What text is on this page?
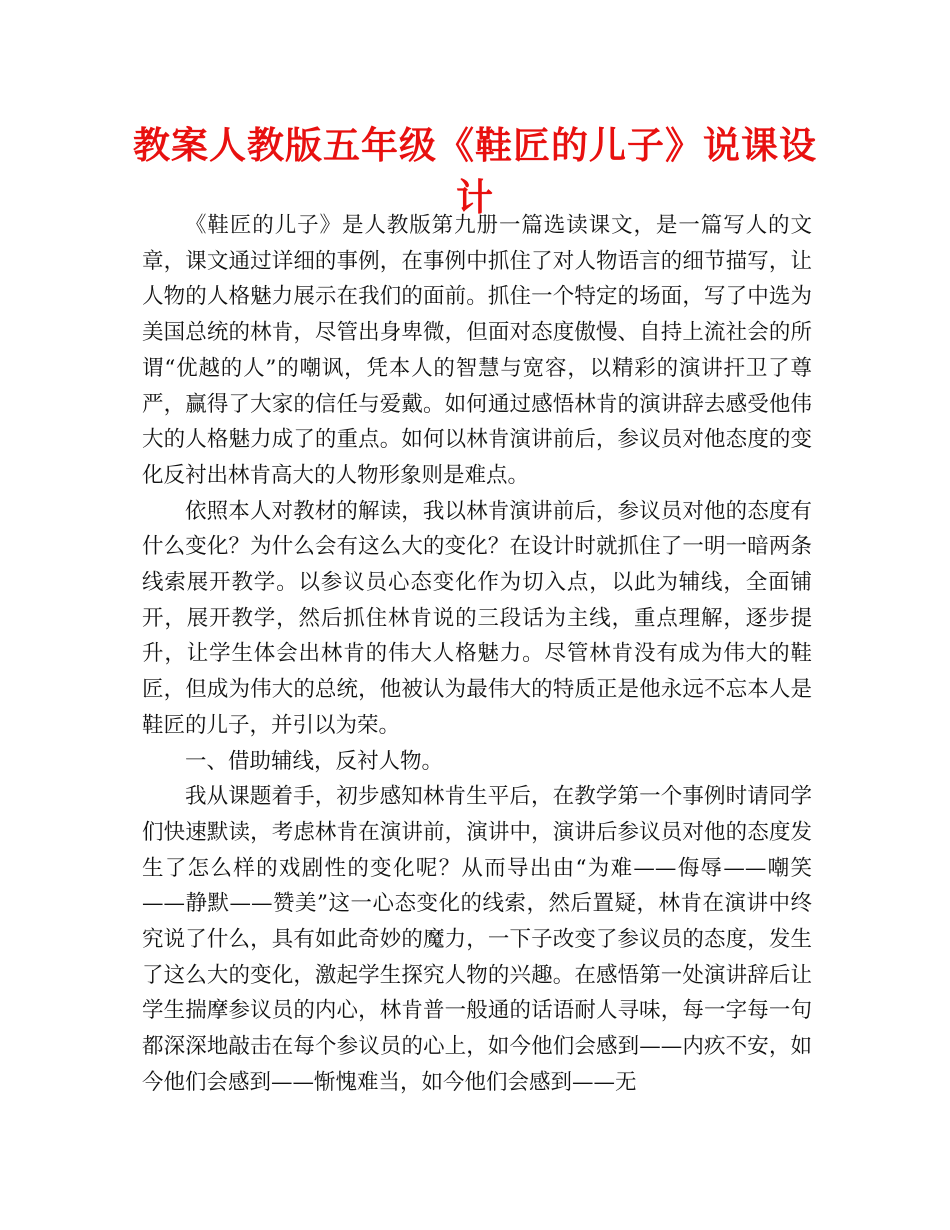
教案人教版五年级《鞋匠的儿子》说课设计

《鞋匠的儿子》是人教版第九册一篇选读课文，是一篇写人的文章，课文通过详细的事例，在事例中抓住了对人物语言的细节描写，让人物的人格魅力展示在我们的面前。抓住一个特定的场面，写了中选为美国总统的林肯，尽管出身卑微，但面对态度傲慢、自持上流社会的所谓“优越的人”的嘲讽，凭本人的智慧与宽容，以精彩的演讲扞卫了尊严，赢得了大家的信任与爱戴。如何通过感悟林肯的演讲辞去感受他伟大的人格魅力成了的重点。如何以林肯演讲前后，参议员对他态度的变化反衬出林肯高大的人物形象则是难点。

依照本人对教材的解读，我以林肯演讲前后，参议员对他的态度有什么变化？为什么会有这么大的变化？在设计时就抓住了一明一暗两条线索展开教学。以参议员心态变化作为切入点，以此为辅线，全面铺开，展开教学，然后抓住林肯说的三段话为主线，重点理解，逐步提升，让学生体会出林肯的伟大人格魅力。尽管林肯没有成为伟大的鞋匠，但成为伟大的总统，他被认为最伟大的特质正是他永远不忘本人是鞋匠的儿子，并引以为荣。

一、借助辅线，反衬人物。

我从课题着手，初步感知林肯生平后，在教学第一个事例时请同学们快速默读，考虑林肯在演讲前，演讲中，演讲后参议员对他的态度发生了怎么样的戏剧性的变化呢？从而导出由“为难——侮辱——嘲笑——静默——赞美”这一心态变化的线索，然后置疑，林肯在演讲中终究说了什么，具有如此奇妙的魔力，一下子改变了参议员的态度，发生了这么大的变化，激起学生探究人物的兴趣。在感悟第一处演讲辞后让学生揣摩参议员的内心，林肯普一般通的话语耐人寻味，每一字每一句都深深地敲击在每个参议员的心上，如今他们会感到——内疚不安，如今他们会感到——惭愧难当，如今他们会感到——无
